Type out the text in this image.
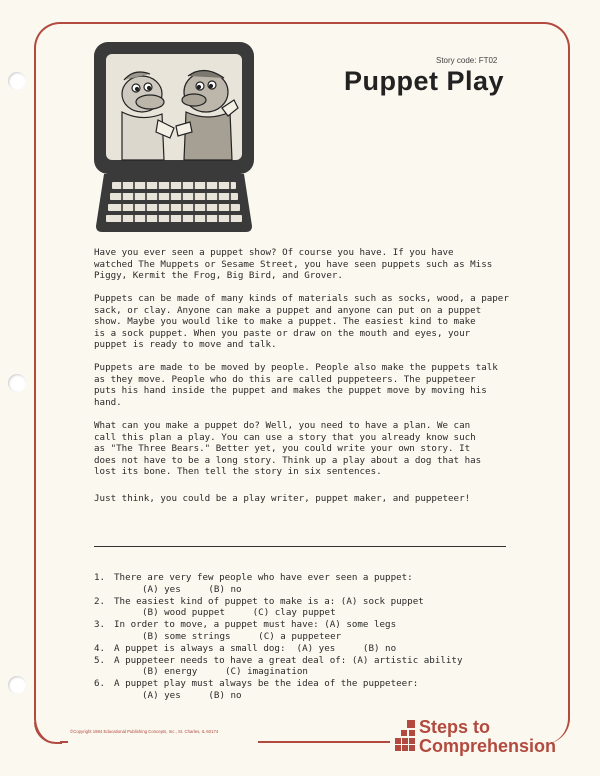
Story code: FT02
Puppet Play

Have you ever seen a puppet show? Of course you have. If you have

watched The Muppets or Sesame Street, you have seen puppets such as Miss

Piggy, Kermit the Frog, Big Bird, and Grover.

Puppets can be made of many kinds of materials such as socks, wood, a paper

sack, or clay. Anyone can make a puppet and anyone can put on a puppet

show. Maybe you would like to make a puppet. The easiest kind to make

is a sock puppet. When you paste or draw on the mouth and eyes, your

puppet is ready to move and talk.

Puppets are made to be moved by people. People also make the puppets talk

as they move. People who do this are called puppeteers. The puppeteer

puts his hand inside the puppet and makes the puppet move by moving his

hand.

What can you make a puppet do? Well, you need to have a plan. We can

call this plan a play. You can use a story that you already know such

as "The Three Bears." Better yet, you could write your own story. It

does not have to be a long story. Think up a play about a dog that has

lost its bone. Then tell the story in six sentences.

Just think, you could be a play writer, puppet maker, and puppeteer!

1. There are very few people who have ever seen a puppet:
(A) yes     (B) no
2. The easiest kind of puppet to make is a: (A) sock puppet
(B) wood puppet     (C) clay puppet
3. In order to move, a puppet must have: (A) some legs
(B) some strings     (C) a puppeteer
4. A puppet is always a small dog:  (A) yes     (B) no
5. A puppeteer needs to have a great deal of: (A) artistic ability
(B) energy     (C) imagination
6. A puppet play must always be the idea of the puppeteer:
(A) yes     (B) no
©Copyright 1984 Educational Publishing Concepts, Inc., St. Charles, IL 60174	Steps to
Comprehension
